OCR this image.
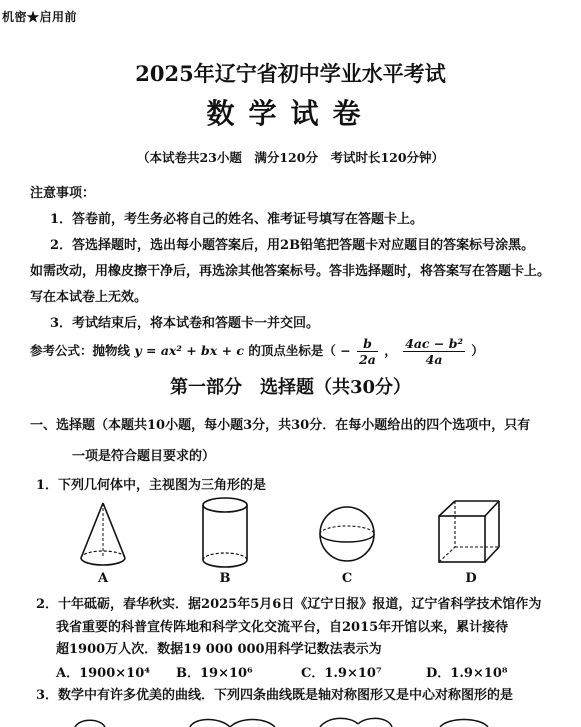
机密★启用前
2025年辽宁省初中学业水平考试
数学试卷
（本试卷共23小题　满分120分　考试时长120分钟）
注意事项：
1．答卷前，考生务必将自己的姓名、准考证号填写在答题卡上。
2．答选择题时，选出每小题答案后，用2B铅笔把答题卡对应题目的答案标号涂黑。
如需改动，用橡皮擦干净后，再选涂其他答案标号。答非选择题时，将答案写在答题卡上。
写在本试卷上无效。
3．考试结束后，将本试卷和答题卡一并交回。
参考公式：抛物线 y = ax² + bx + c 的顶点坐标是（ − $\frac{b}{2a}$ ， $\frac{\text{4ac − b²}}{4a}$ ）
第一部分　选择题（共30分）
一、选择题（本题共10小题，每小题3分，共30分．在每小题给出的四个选项中，只有
一项是符合题目要求的）
1．下列几何体中，主视图为三角形的是
A	B	C	D
2．十年砥砺，春华秋实．据2025年5月6日《辽宁日报》报道，辽宁省科学技术馆作为
我省重要的科普宣传阵地和科学文化交流平台，自2015年开馆以来，累计接待
超1900万人次．数据19 000 000用科学记数法表示为
A．1900×10⁴ B．19×10⁶	C．1.9×10⁷	D．1.9×10⁸
3．数学中有许多优美的曲线．下列四条曲线既是轴对称图形又是中心对称图形的是
